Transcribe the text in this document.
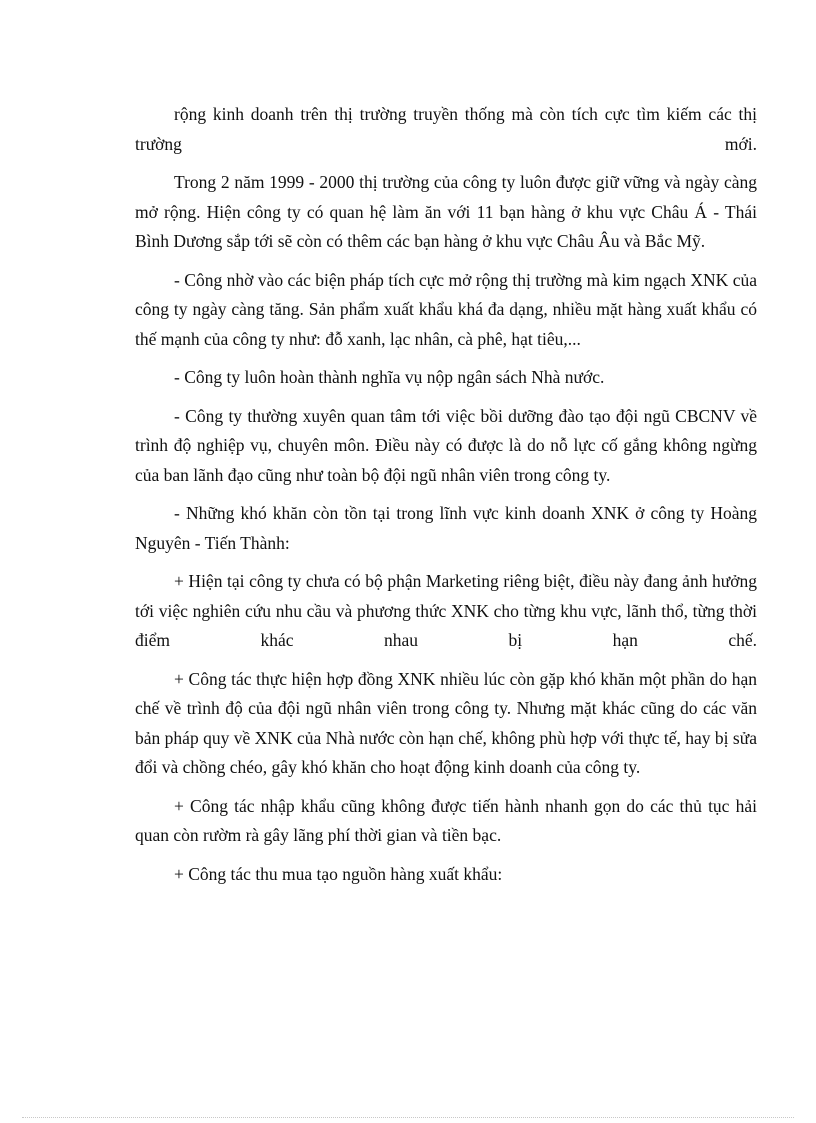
rộng kinh doanh trên thị trường truyền thống mà còn tích cực tìm kiếm các thị trường mới.

Trong 2 năm 1999 - 2000 thị trường của công ty luôn được giữ vững và ngày càng mở rộng. Hiện công ty có quan hệ làm ăn với 11 bạn hàng ở khu vực Châu Á - Thái Bình Dương sắp tới sẽ còn có thêm các bạn hàng ở khu vực Châu Âu và Bắc Mỹ.

- Công nhờ vào các biện pháp tích cực mở rộng thị trường mà kim ngạch XNK của công ty ngày càng tăng. Sản phẩm xuất khẩu khá đa dạng, nhiều mặt hàng xuất khẩu có thế mạnh của công ty như: đỗ xanh, lạc nhân, cà phê, hạt tiêu,...

- Công ty luôn hoàn thành nghĩa vụ nộp ngân sách Nhà nước.

- Công ty thường xuyên quan tâm tới việc bồi dưỡng đào tạo đội ngũ CBCNV về trình độ nghiệp vụ, chuyên môn. Điều này có được là do nỗ lực cố gắng không ngừng của ban lãnh đạo cũng như toàn bộ đội ngũ nhân viên trong công ty.

- Những khó khăn còn tồn tại trong lĩnh vực kinh doanh XNK ở công ty Hoàng Nguyên - Tiến Thành:

+ Hiện tại công ty chưa có bộ phận Marketing riêng biệt, điều này đang ảnh hưởng tới việc nghiên cứu nhu cầu và phương thức XNK cho từng khu vực, lãnh thổ, từng thời điểm khác nhau bị hạn chế.

+ Công tác thực hiện hợp đồng XNK nhiều lúc còn gặp khó khăn một phần do hạn chế về trình độ của đội ngũ nhân viên trong công ty. Nhưng mặt khác cũng do các văn bản pháp quy về XNK của Nhà nước còn hạn chế, không phù hợp với thực tế, hay bị sửa đổi và chồng chéo, gây khó khăn cho hoạt động kinh doanh của công ty.

+ Công tác nhập khẩu cũng không được tiến hành nhanh gọn do các thủ tục hải quan còn rườm rà gây lãng phí thời gian và tiền bạc.

+ Công tác thu mua tạo nguồn hàng xuất khẩu:
